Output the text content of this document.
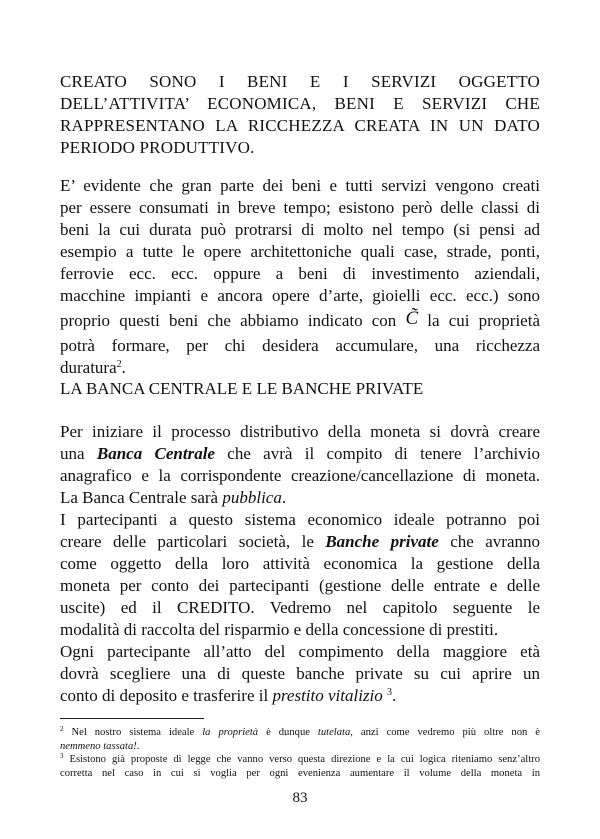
CREATO SONO I BENI E I SERVIZI OGGETTO
DELL’ATTIVITA’ ECONOMICA, BENI E SERVIZI CHE
RAPPRESENTANO LA RICCHEZZA CREATA IN UN DATO
PERIODO PRODUTTIVO.
E’ evidente che gran parte dei beni e tutti servizi vengono creati
per essere consumati in breve tempo; esistono però delle classi di
beni la cui durata può protrarsi di molto nel tempo (si pensi ad
esempio a tutte le opere architettoniche quali case, strade, ponti,
ferrovie ecc. ecc. oppure a beni di investimento aziendali,
macchine impianti e ancora opere d’arte, gioielli ecc. ecc.) sono
proprio questi beni che abbiamo indicato con C̃ la cui proprietà
potrà formare, per chi desidera accumulare, una ricchezza
duratura$^2$.
LA BANCA CENTRALE E LE BANCHE PRIVATE
Per iniziare il processo distributivo della moneta si dovrà creare
una Banca Centrale che avrà il compito di tenere l’archivio
anagrafico e la corrispondente creazione/cancellazione di moneta.
La Banca Centrale sarà pubblica.
I partecipanti a questo sistema economico ideale potranno poi
creare delle particolari società, le Banche private che avranno
come oggetto della loro attività economica la gestione della
moneta per conto dei partecipanti (gestione delle entrate e delle
uscite) ed il CREDITO. Vedremo nel capitolo seguente le
modalità di raccolta del risparmio e della concessione di prestiti.
Ogni partecipante all’atto del compimento della maggiore età
dovrà scegliere una di queste banche private su cui aprire un
conto di deposito e trasferire il prestito vitalizio $^3$.
$^2$ Nel nostro sistema ideale la proprietà è dunque tutelata, anzi come vedremo più oltre non è
nemmeno tassata!.
$^3$ Esistono già proposte di legge che vanno verso questa direzione e la cui logica riteniamo senz’altro
corretta nel caso in cui si voglia per ogni evenienza aumentare il volume della moneta in
83
